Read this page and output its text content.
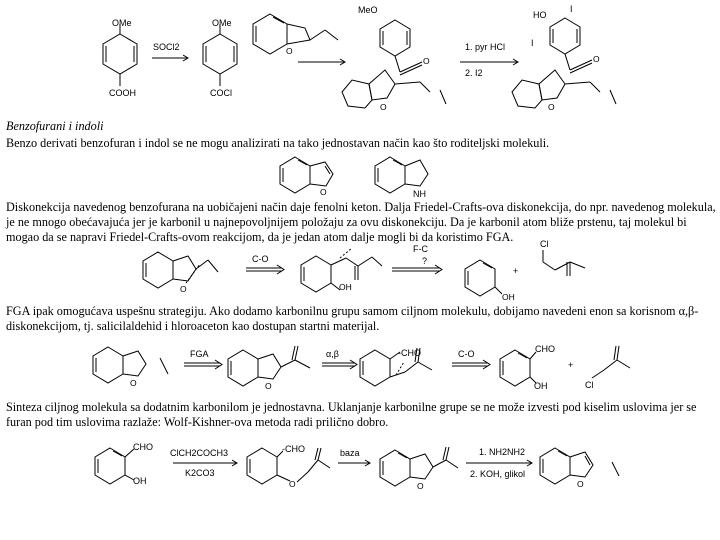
OMe
COOH
SOCl2
OMe
COCl
O
MeO
O
O
1. pyr HCl
2. I2
HO
I
I
O
O
O	NH
O
C-O
OH
F-C
?
OH
+
Cl
O
FGA
O
α,β	-CHO	C-O	CHO
OH
+
Cl
CHO
OH
ClCH2COCH3
K2CO3
-CHO
O
baza
O
1. NH2NH2
2. KOH, glikol
O

Benzofurani i indoli

Benzo derivati benzofuran i indol se ne mogu analizirati na tako jednostavan način kao što roditeljski molekuli.

Diskonekcija navedenog benzofurana na uobičajeni način daje fenolni keton. Dalja Friedel-Crafts-ova diskonekcija, do npr. navedenog molekula, je ne mnogo obećavajuća jer je karbonil u najnepovoljnijem položaju za ovu diskonekciju. Da je karbonil atom bliže prstenu, taj molekul bi mogao da se napravi Friedel-Crafts-ovom reakcijom, da je jedan atom dalje mogli bi da koristimo FGA.

FGA ipak omogućava uspešnu strategiju. Ako dodamo karbonilnu grupu samom ciljnom molekulu, dobijamo navedeni enon sa korisnom α,β-diskonekcijom, tj. salicilaldehid i hloroaceton kao dostupan startni materijal.

Sinteza ciljnog molekula sa dodatnim karbonilom je jednostavna. Uklanjanje karbonilne grupe se ne može izvesti pod kiselim uslovima jer se furan pod tim uslovima razlaže: Wolf-Kishner-ova metoda radi prilično dobro.
